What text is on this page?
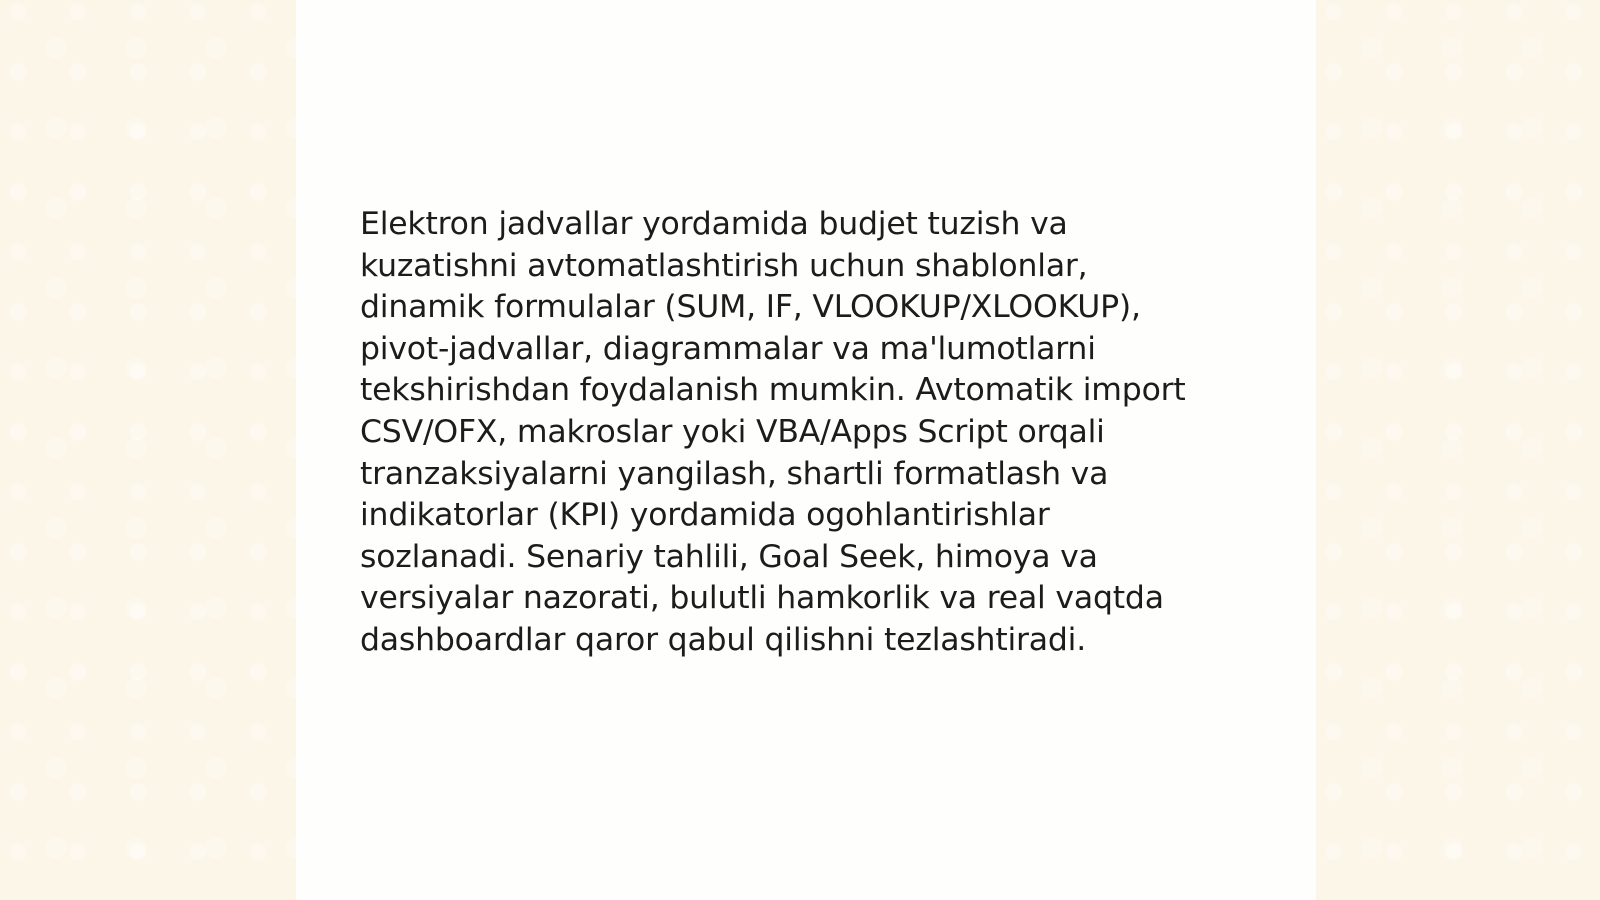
Elektron jadvallar yordamida budjet tuzish va
kuzatishni avtomatlashtirish uchun shablonlar,
dinamik formulalar (SUM, IF, VLOOKUP/XLOOKUP),
pivot-jadvallar, diagrammalar va ma'lumotlarni
tekshirishdan foydalanish mumkin. Avtomatik import
CSV/OFX, makroslar yoki VBA/Apps Script orqali
tranzaksiyalarni yangilash, shartli formatlash va
indikatorlar (KPI) yordamida ogohlantirishlar
sozlanadi. Senariy tahlili, Goal Seek, himoya va
versiyalar nazorati, bulutli hamkorlik va real vaqtda
dashboardlar qaror qabul qilishni tezlashtiradi.
